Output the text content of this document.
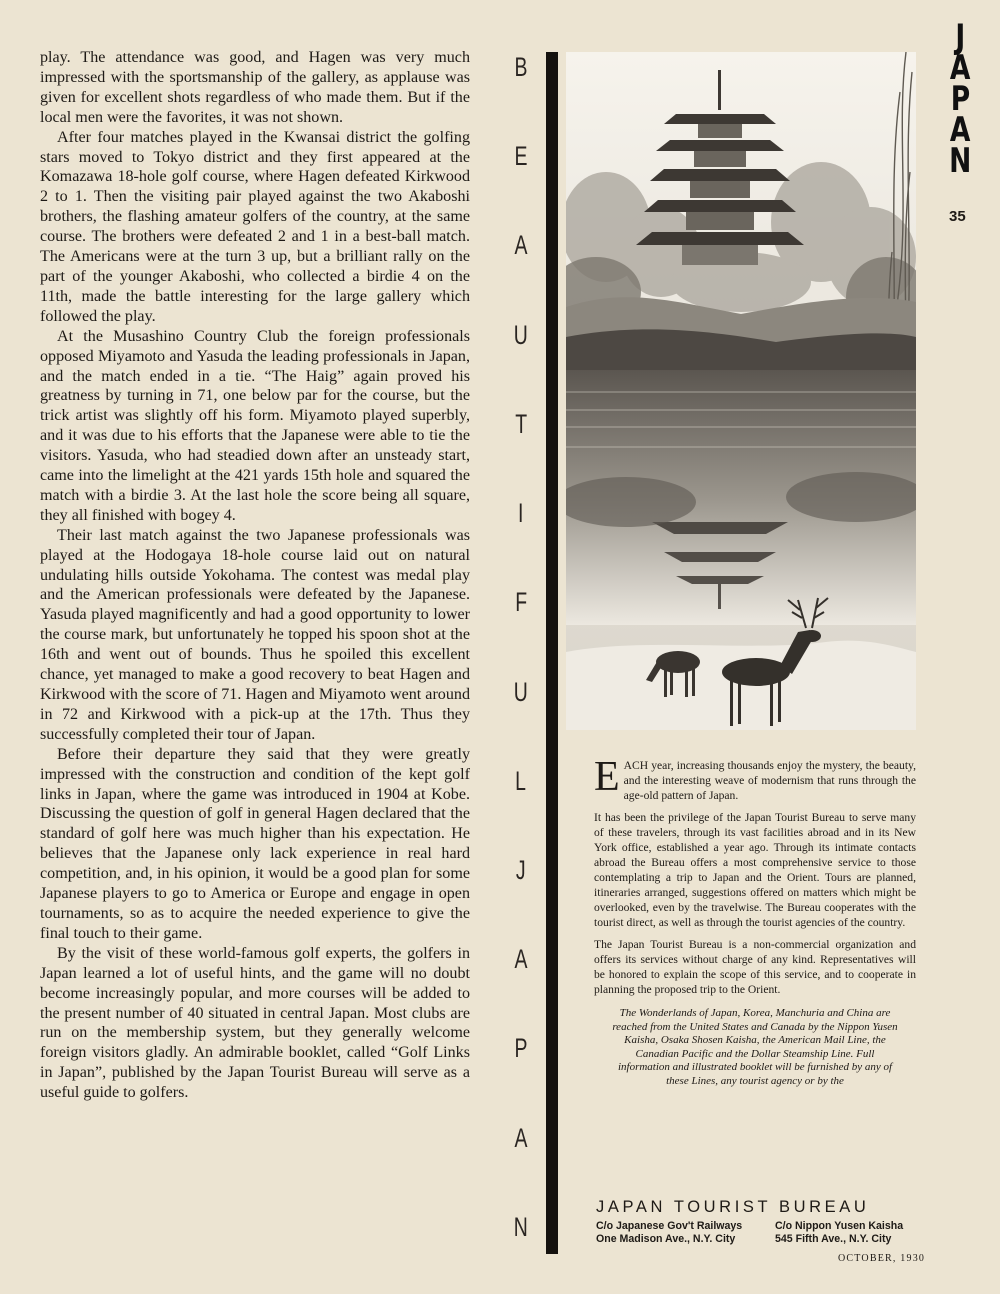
play. The attendance was good, and Hagen was very much impressed with the sportsmanship of the gallery, as applause was given for excellent shots regardless of who made them. But if the local men were the favorites, it was not shown.

After four matches played in the Kwansai district the golfing stars moved to Tokyo district and they first appeared at the Komazawa 18-hole golf course, where Hagen defeated Kirkwood 2 to 1. Then the visiting pair played against the two Akaboshi brothers, the flashing amateur golfers of the country, at the same course. The brothers were defeated 2 and 1 in a best-ball match. The Americans were at the turn 3 up, but a brilliant rally on the part of the younger Akaboshi, who collected a birdie 4 on the 11th, made the battle interesting for the large gallery which followed the play.

At the Musashino Country Club the foreign professionals opposed Miyamoto and Yasuda the leading professionals in Japan, and the match ended in a tie. “The Haig” again proved his greatness by turning in 71, one below par for the course, but the trick artist was slightly off his form. Miyamoto played superbly, and it was due to his efforts that the Japanese were able to tie the visitors. Yasuda, who had steadied down after an unsteady start, came into the limelight at the 421 yards 15th hole and squared the match with a birdie 3. At the last hole the score being all square, they all finished with bogey 4.

Their last match against the two Japanese professionals was played at the Hodogaya 18-hole course laid out on natural undulating hills outside Yokohama. The contest was medal play and the American professionals were defeated by the Japanese. Yasuda played magnificently and had a good opportunity to lower the course mark, but unfortunately he topped his spoon shot at the 16th and went out of bounds. Thus he spoiled this excellent chance, yet managed to make a good recovery to beat Hagen and Kirkwood with the score of 71. Hagen and Miyamoto went around in 72 and Kirkwood with a pick-up at the 17th. Thus they successfully completed their tour of Japan.

Before their departure they said that they were greatly impressed with the construction and condition of the kept golf links in Japan, where the game was introduced in 1904 at Kobe. Discussing the question of golf in general Hagen declared that the standard of golf here was much higher than his expectation. He believes that the Japanese only lack experience in real hard competition, and, in his opinion, it would be a good plan for some Japanese players to go to America or Europe and engage in open tournaments, so as to acquire the needed experience to give the final touch to their game.

By the visit of these world-famous golf experts, the golfers in Japan learned a lot of useful hints, and the game will no doubt become increasingly popular, and more courses will be added to the present number of 40 situated in central Japan. Most clubs are run on the membership system, but they generally welcome foreign visitors gladly. An admirable booklet, called “Golf Links in Japan”, published by the Japan Tourist Bureau will serve as a useful guide to golfers.

B
E
A
U
T
I
F
U
L
J
A
P
A
N

EACH year, increasing thousands enjoy the mystery, the beauty, and the interesting weave of modernism that runs through the age-old pattern of Japan.

It has been the privilege of the Japan Tourist Bureau to serve many of these travelers, through its vast facilities abroad and in its New York office, established a year ago. Through its intimate contacts abroad the Bureau offers a most comprehensive service to those contemplating a trip to Japan and the Orient. Tours are planned, itineraries arranged, suggestions offered on matters which might be overlooked, even by the travelwise. The Bureau cooperates with the tourist direct, as well as through the tourist agencies of the country.

The Japan Tourist Bureau is a non-commercial organization and offers its services without charge of any kind. Representatives will be honored to explain the scope of this service, and to cooperate in planning the proposed trip to the Orient.

The Wonderlands of Japan, Korea, Manchuria and China are reached from the United States and Canada by the Nippon Yusen Kaisha, Osaka Shosen Kaisha, the American Mail Line, the Canadian Pacific and the Dollar Steamship Line. Full information and illustrated booklet will be furnished by any of these Lines, any tourist agency or by the
JAPAN TOURIST BUREAU
C/o Japanese Gov't Railways
One Madison Ave., N.Y. City
C/o Nippon Yusen Kaisha
545 Fifth Ave., N.Y. City
OCTOBER, 1930
J
A
P
A
N
35
